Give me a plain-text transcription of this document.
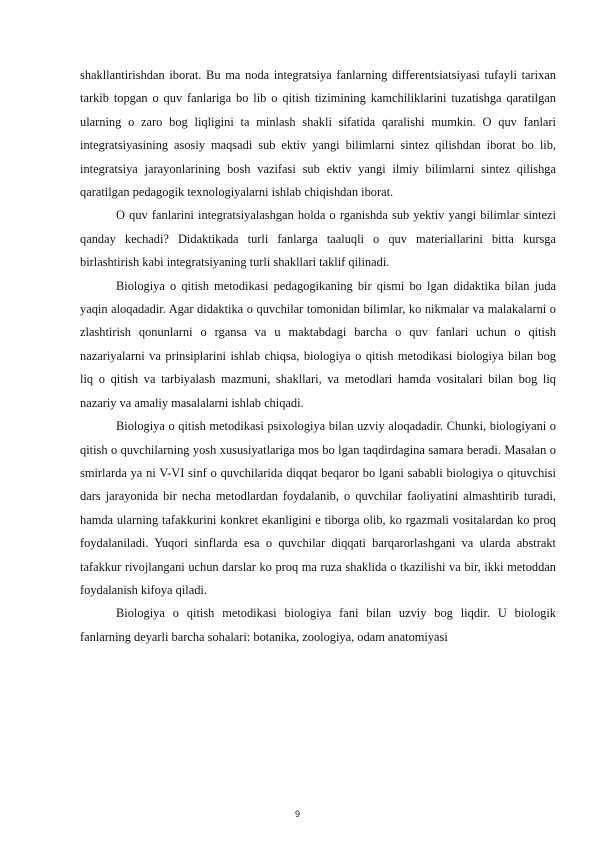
shakllantirishdan iborat. Bu ma noda integratsiya fanlarning differentsiatsiyasi tufayli tarixan tarkib topgan o quv fanlariga bo lib o qitish tizimining kamchiliklarini tuzatishga qaratilgan ularning o zaro bog liqligini ta minlash shakli sifatida qaralishi mumkin. O quv fanlari integratsiyasining asosiy maqsadi sub ektiv yangi bilimlarni sintez qilishdan iborat bo lib, integratsiya jarayonlarining bosh vazifasi sub ektiv yangi ilmiy bilimlarni sintez qilishga qaratilgan pedagogik texnologiyalarni ishlab chiqishdan iborat.

O quv fanlarini integratsiyalashgan holda o rganishda sub yektiv yangi bilimlar sintezi qanday kechadi? Didaktikada turli fanlarga taaluqli o quv materiallarini bitta kursga birlashtirish kabi integratsiyaning turli shakllari taklif qilinadi.

Biologiya o qitish metodikasi pedagogikaning bir qismi bo lgan didaktika bilan juda yaqin aloqadadir. Agar didaktika o quvchilar tomonidan bilimlar, ko nikmalar va malakalarni o zlashtirish qonunlarni o rgansa va u maktabdagi barcha o quv fanlari uchun o qitish nazariyalarni va prinsiplarini ishlab chiqsa, biologiya o qitish metodikasi biologiya bilan bog liq o qitish va tarbiyalash mazmuni, shakllari, va metodlari hamda vositalari bilan bog liq nazariy va amaliy masalalarni ishlab chiqadi.

Biologiya o qitish metodikasi psixologiya bilan uzviy aloqadadir. Chunki, biologiyani o qitish o quvchilarning yosh xususiyatlariga mos bo lgan taqdirdagina samara beradi. Masalan o smirlarda ya ni V-VI sinf o quvchilarida diqqat beqaror bo lgani sababli biologiya o qituvchisi dars jarayonida bir necha metodlardan foydalanib, o quvchilar faoliyatini almashtirib turadi, hamda ularning tafakkurini konkret ekanligini e tiborga olib, ko rgazmali vositalardan ko proq foydalaniladi. Yuqori sinflarda esa o quvchilar diqqati barqarorlashgani va ularda abstrakt tafakkur rivojlangani uchun darslar ko proq ma ruza shaklida o tkazilishi va bir, ikki metoddan foydalanish kifoya qiladi.

Biologiya o qitish metodikasi biologiya fani bilan uzviy bog liqdir. U biologik fanlarning deyarli barcha sohalari: botanika, zoologiya, odam anatomiyasi

9
